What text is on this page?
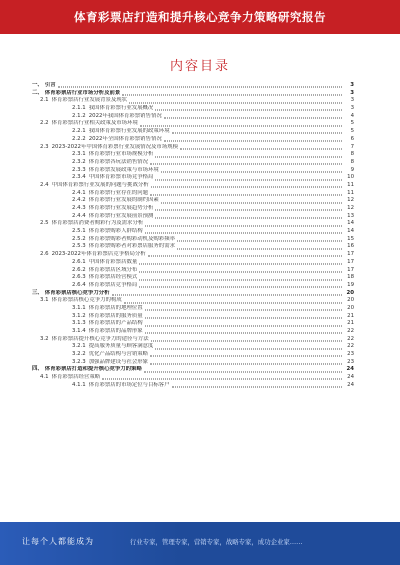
体育彩票店打造和提升核心竞争力策略研究报告
内容目录
一、 引言	3
二、 体育彩票店行业市场分析及前景	3
2.1 体育彩票店行业发展背景及现状	3
2.1.1 我国体育彩票行业发展概况	3
2.1.2 2022年我国体育彩票销售情况	4
2.2 体育彩票店行业相关政策及市场环境	5
2.2.1 我国体育彩票行业发展的政策环境	5
2.2.2 2022年全国体育彩票销售情况	6
2.3 2023-2022年中国体育彩票行业发展情况及市场规模	7
2.3.1 体育彩票行业市场规模分析	8
2.3.2 体育彩票各玩法销售情况	8
2.3.3 体育彩票发展政策与市场环境	9
2.3.4 中国体育彩票市场竞争格局	10
2.4 中国体育彩票行业发展的问题与挑战分析	11
2.4.1 体育彩票行业存在的问题	11
2.4.2 体育彩票行业发展的制约因素	12
2.4.3 体育彩票行业发展趋势分析	12
2.4.4 体育彩票行业发展前景预测	13
2.5 体育彩票店消费者购彩行为及需求分析	14
2.5.1 体育彩票购彩人群结构	14
2.5.2 体育彩票购彩者购彩动机及购彩频率	15
2.5.3 体育彩票购彩者对彩票店服务的需求	16
2.6 2023-2022年体育彩票店竞争格局分析	17
2.6.1 中国体育彩票店数量	17
2.6.2 体育彩票店区域分布	17
2.6.3 体育彩票店经营模式	18
2.6.4 体育彩票店竞争格局	19
三、 体育彩票店核心竞争力分析	20
3.1 体育彩票店核心竞争力的构成	20
3.1.1 体育彩票店的地理位置	20
3.1.2 体育彩票店的服务质量	21
3.1.3 体育彩票店的产品结构	21
3.1.4 体育彩票店的品牌形象	22
3.2 体育彩票店提升核心竞争力的途径与方法	22
3.2.1 提高服务质量与顾客满意度	22
3.2.2 优化产品结构与营销策略	23
3.2.3 加强品牌建设与社会形象	23
四、 体育彩票店打造和提升核心竞争力的策略	24
4.1 体育彩票店经营策略	24
4.1.1 体育彩票店的市场定位与目标客户	24
让每个人都能成为	行业专家，管理专家，营销专家，战略专家，成功企业家……
